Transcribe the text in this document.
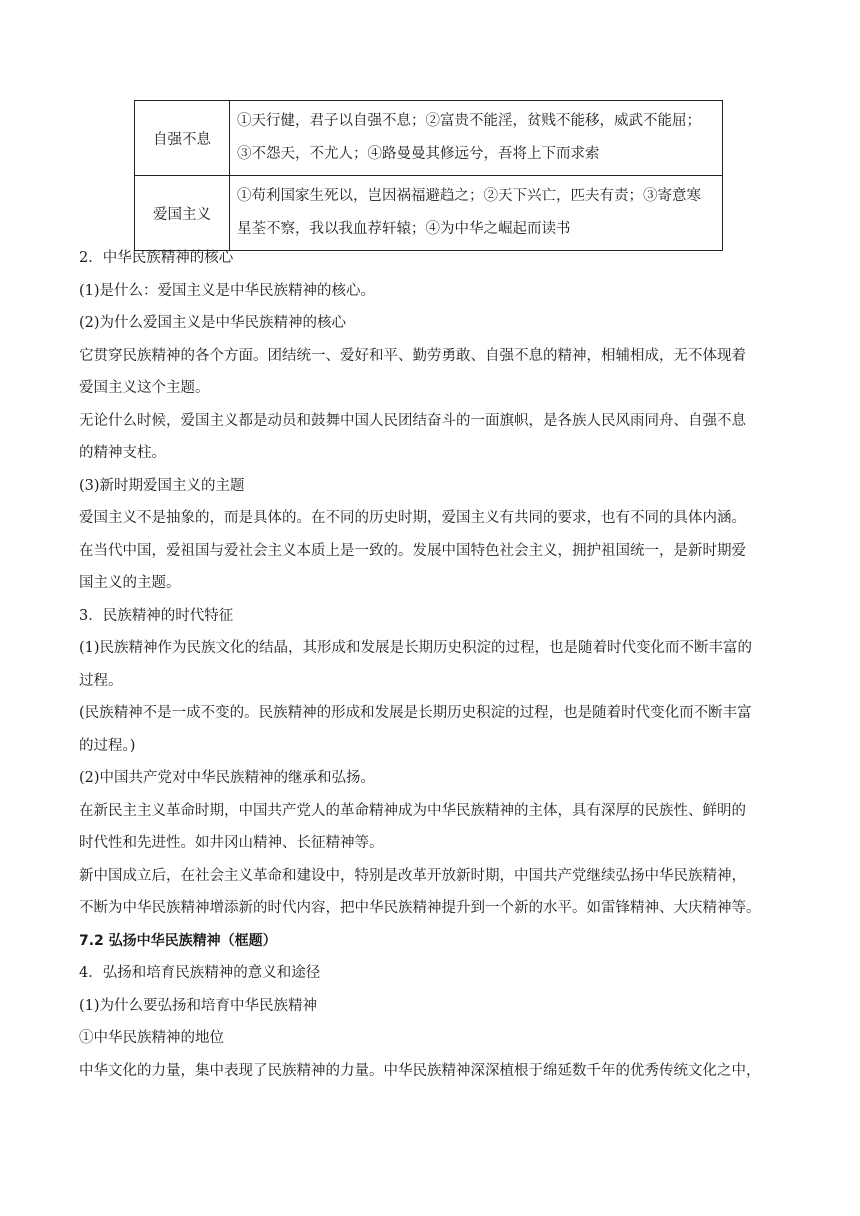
自强不息	①天行健，君子以自强不息；②富贵不能淫，贫贱不能移，威武不能屈；
③不怨天，不尤人；④路曼曼其修远兮，吾将上下而求索

爱国主义	①苟利国家生死以，岂因祸福避趋之；②天下兴亡，匹夫有责；③寄意寒
星荃不察，我以我血荐轩辕；④为中华之崛起而读书

2．中华民族精神的核心

(1)是什么：爱国主义是中华民族精神的核心。

(2)为什么爱国主义是中华民族精神的核心

它贯穿民族精神的各个方面。团结统一、爱好和平、勤劳勇敢、自强不息的精神，相辅相成，无不体现着

爱国主义这个主题。

无论什么时候，爱国主义都是动员和鼓舞中国人民团结奋斗的一面旗帜，是各族人民风雨同舟、自强不息

的精神支柱。

(3)新时期爱国主义的主题

爱国主义不是抽象的，而是具体的。在不同的历史时期，爱国主义有共同的要求，也有不同的具体内涵。

在当代中国，爱祖国与爱社会主义本质上是一致的。发展中国特色社会主义，拥护祖国统一，是新时期爱

国主义的主题。

3．民族精神的时代特征

(1)民族精神作为民族文化的结晶，其形成和发展是长期历史积淀的过程，也是随着时代变化而不断丰富的

过程。

(民族精神不是一成不变的。民族精神的形成和发展是长期历史积淀的过程，也是随着时代变化而不断丰富

的过程。)

(2)中国共产党对中华民族精神的继承和弘扬。

在新民主主义革命时期，中国共产党人的革命精神成为中华民族精神的主体，具有深厚的民族性、鲜明的

时代性和先进性。如井冈山精神、长征精神等。

新中国成立后，在社会主义革命和建设中，特别是改革开放新时期，中国共产党继续弘扬中华民族精神，

不断为中华民族精神增添新的时代内容，把中华民族精神提升到一个新的水平。如雷锋精神、大庆精神等。

7.2 弘扬中华民族精神（框题）

4．弘扬和培育民族精神的意义和途径

(1)为什么要弘扬和培育中华民族精神

①中华民族精神的地位

中华文化的力量，集中表现了民族精神的力量。中华民族精神深深植根于绵延数千年的优秀传统文化之中，
